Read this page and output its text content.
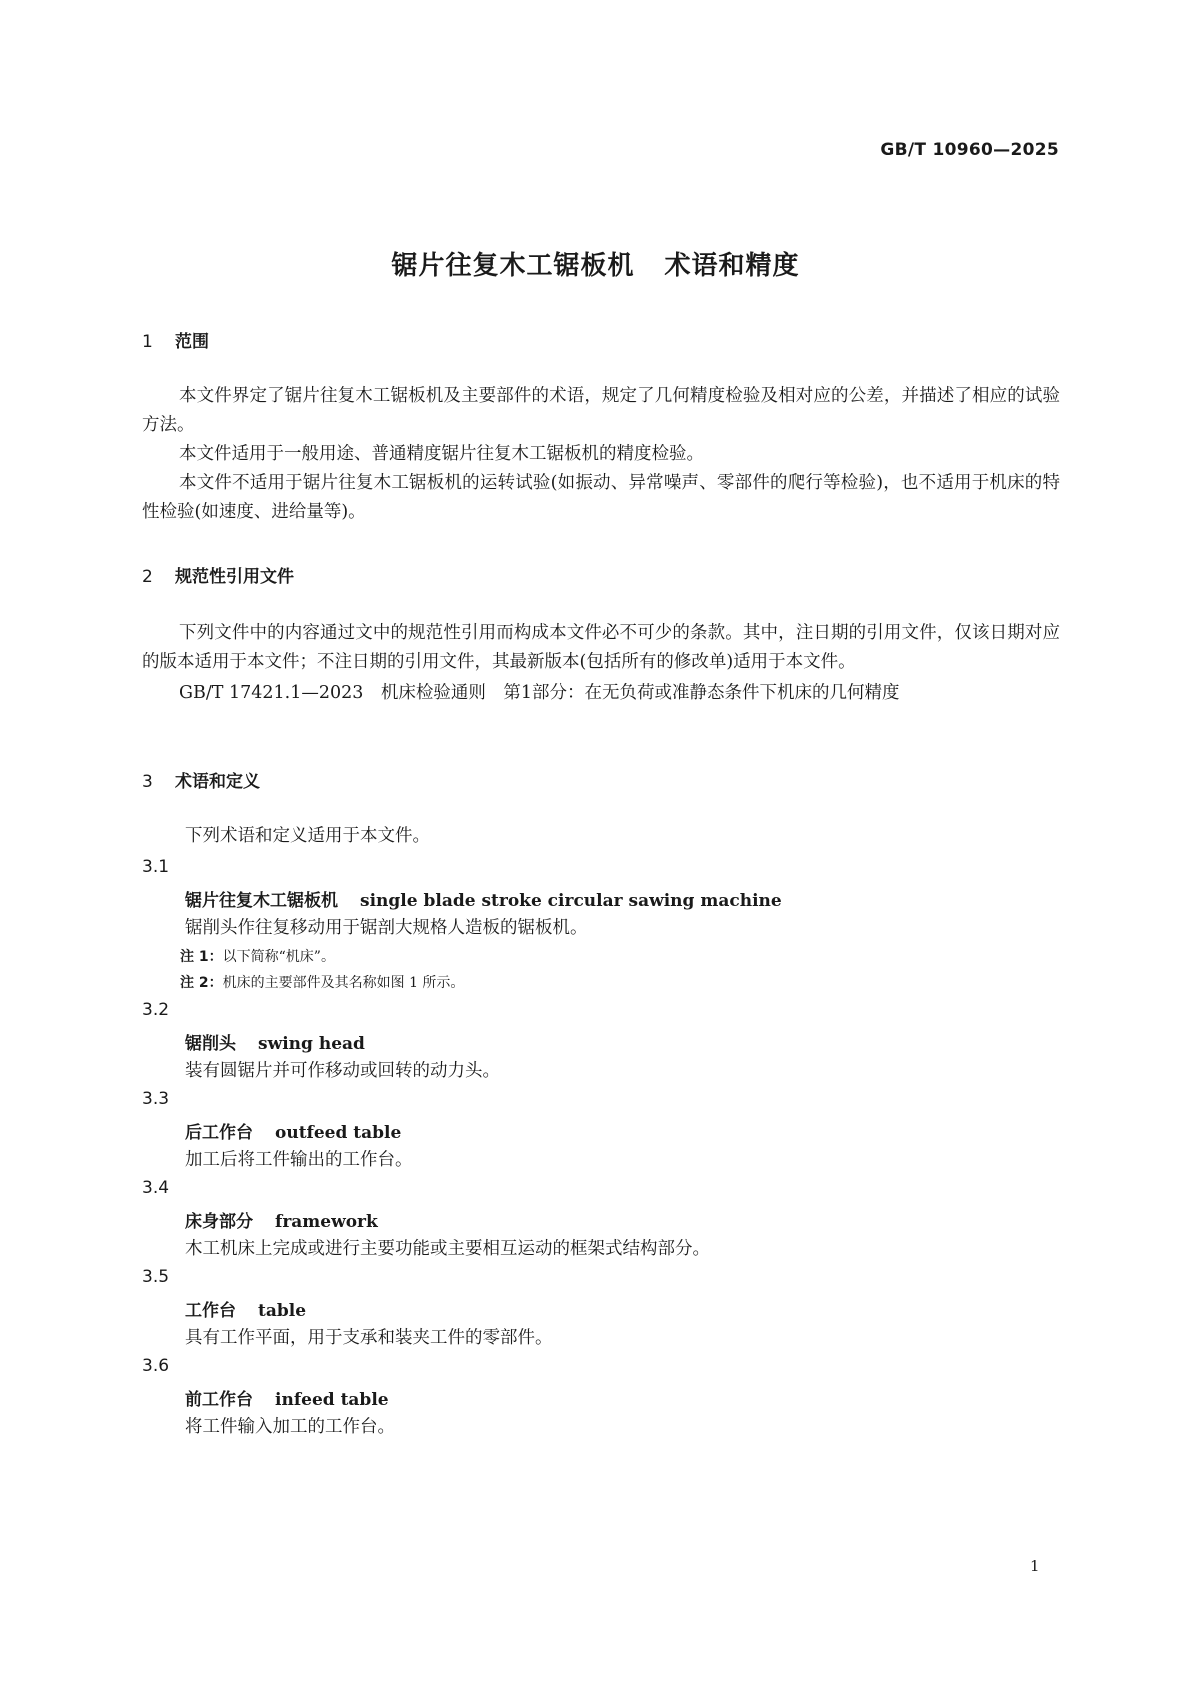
GB/T 10960—2025
锯片往复木工锯板机 术语和精度
1 范围

本文件界定了锯片往复木工锯板机及主要部件的术语，规定了几何精度检验及相对应的公差，并描述了相应的试验方法。

本文件适用于一般用途、普通精度锯片往复木工锯板机的精度检验。

本文件不适用于锯片往复木工锯板机的运转试验(如振动、异常噪声、零部件的爬行等检验)，也不适用于机床的特性检验(如速度、进给量等)。

2 规范性引用文件

下列文件中的内容通过文中的规范性引用而构成本文件必不可少的条款。其中，注日期的引用文件，仅该日期对应的版本适用于本文件；不注日期的引用文件，其最新版本(包括所有的修改单)适用于本文件。

GB/T 17421.1—2023　机床检验通则　第1部分：在无负荷或准静态条件下机床的几何精度

3 术语和定义
下列术语和定义适用于本文件。
3.1
锯片往复木工锯板机 single blade stroke circular sawing machine
锯削头作往复移动用于锯剖大规格人造板的锯板机。
注 1：以下简称“机床”。
注 2：机床的主要部件及其名称如图 1 所示。
3.2
锯削头 swing head
装有圆锯片并可作移动或回转的动力头。
3.3
后工作台 outfeed table
加工后将工件输出的工作台。
3.4
床身部分 framework
木工机床上完成或进行主要功能或主要相互运动的框架式结构部分。
3.5
工作台 table
具有工作平面，用于支承和装夹工件的零部件。
3.6
前工作台 infeed table
将工件输入加工的工作台。
1
